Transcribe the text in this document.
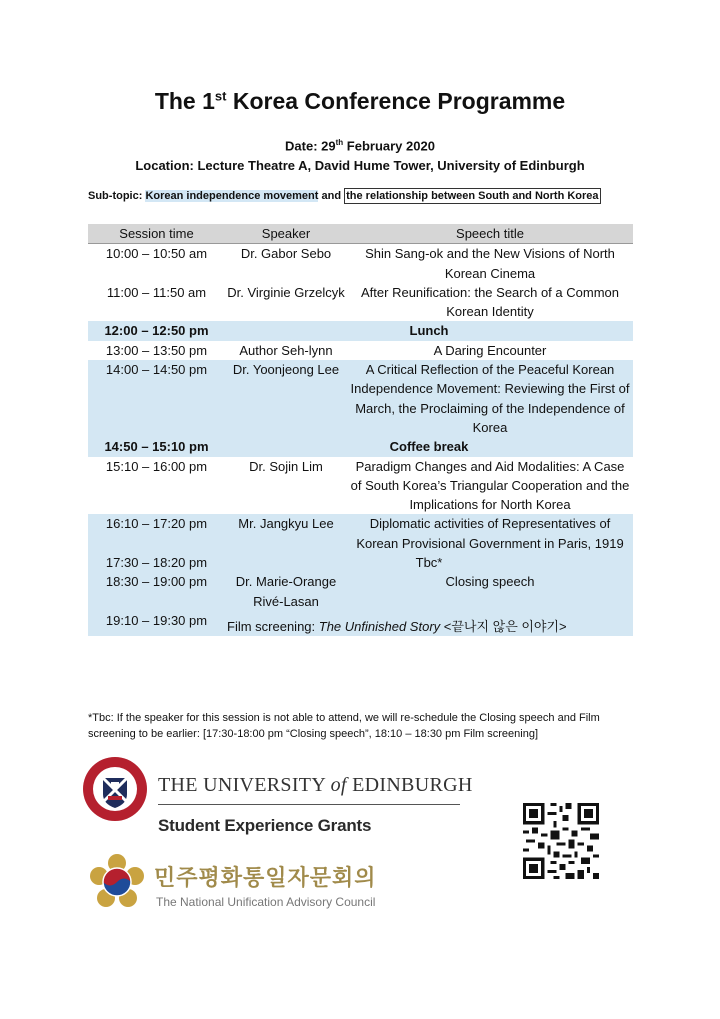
The 1st Korea Conference Programme
Date: 29th February 2020
Location: Lecture Theatre A, David Hume Tower, University of Edinburgh
Sub-topic: Korean independence movement and the relationship between South and North Korea
Session time	Speaker	Speech title
10:00 – 10:50 am	Dr. Gabor Sebo	Shin Sang-ok and the New Visions of North Korean Cinema
11:00 – 11:50 am	Dr. Virginie Grzelcyk	After Reunification: the Search of a Common Korean Identity
12:00 – 12:50 pm	Lunch	
13:00 – 13:50 pm	Author Seh-lynn	A Daring Encounter
14:00 – 14:50 pm	Dr. Yoonjeong Lee	A Critical Reflection of the Peaceful Korean Independence Movement: Reviewing the First of March, the Proclaiming of the Independence of Korea
14:50 – 15:10 pm	Coffee break	
15:10 – 16:00 pm	Dr. Sojin Lim	Paradigm Changes and Aid Modalities: A Case of South Korea’s Triangular Cooperation and the Implications for North Korea
16:10 – 17:20 pm	Mr. Jangkyu Lee	Diplomatic activities of Representatives of Korean Provisional Government in Paris, 1919
17:30 – 18:20 pm	Tbc*	
18:30 – 19:00 pm	Dr. Marie-Orange Rivé-Lasan	Closing speech
19:10 – 19:30 pm	Film screening: The Unfinished Story <끝나지 않은 이야기>	
*Tbc: If the speaker for this session is not able to attend, we will re-schedule the Closing speech and Film screening to be earlier: [17:30-18:00 pm “Closing speech”, 18:10 – 18:30 pm Film screening]
THE UNIVERSITY of EDINBURGH
Student Experience Grants
민주평화통일자문회의
The National Unification Advisory Council
